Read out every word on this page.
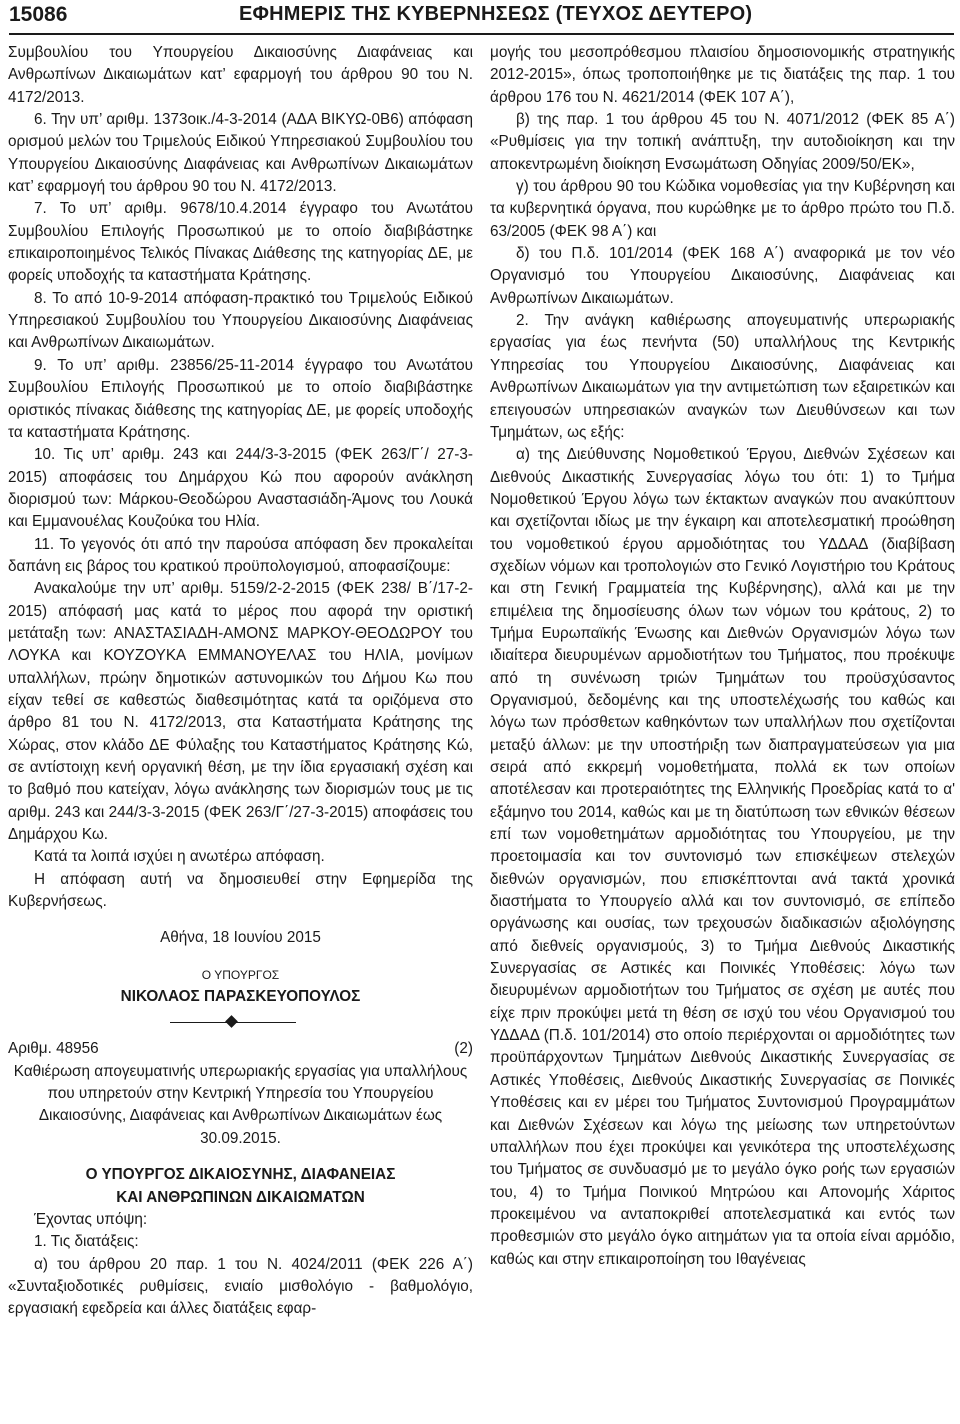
15086	ΕΦΗΜΕΡΙΣ ΤΗΣ ΚΥΒΕΡΝΗΣΕΩΣ (ΤΕΥΧΟΣ ΔΕΥΤΕΡΟ)

Συμβουλίου του Υπουργείου Δικαιοσύνης Διαφάνειας και Ανθρωπίνων Δικαιωμάτων κατ’ εφαρμογή του άρθρου 90 του Ν. 4172/2013.

6. Την υπ’ αριθμ. 1373οικ./4-3-2014 (ΑΔΑ ΒΙΚΥΩ-0Β6) απόφαση ορισμού μελών του Τριμελούς Ειδικού Υπηρεσιακού Συμβουλίου του Υπουργείου Δικαιοσύνης Διαφάνειας και Ανθρωπίνων Δικαιωμάτων κατ’ εφαρμογή του άρθρου 90 του Ν. 4172/2013.

7. Το υπ’ αριθμ. 9678/10.4.2014 έγγραφο του Ανωτάτου Συμβουλίου Επιλογής Προσωπικού με το οποίο διαβιβάστηκε επικαιροποιημένος Τελικός Πίνακας Διάθεσης της κατηγορίας ΔΕ, με φορείς υποδοχής τα καταστήματα Κράτησης.

8. Το από 10-9-2014 απόφαση-πρακτικό του Τριμελούς Ειδικού Υπηρεσιακού Συμβουλίου του Υπουργείου Δικαιοσύνης Διαφάνειας και Ανθρωπίνων Δικαιωμάτων.

9. Το υπ’ αριθμ. 23856/25-11-2014 έγγραφο του Ανωτάτου Συμβουλίου Επιλογής Προσωπικού με το οποίο διαβιβάστηκε οριστικός πίνακας διάθεσης της κατηγορίας ΔΕ, με φορείς υποδοχής τα καταστήματα Κράτησης.

10. Τις υπ’ αριθμ. 243 και 244/3-3-2015 (ΦΕΚ 263/Γ΄/ 27-3-2015) αποφάσεις του Δημάρχου Κώ που αφορούν ανάκληση διορισμού των: Μάρκου-Θεοδώρου Αναστασιάδη-Άμονς του Λουκά και Εμμανουέλας Κουζούκα του Ηλία.

11. Το γεγονός ότι από την παρούσα απόφαση δεν προκαλείται δαπάνη εις βάρος του κρατικού προϋπολογισμού, αποφασίζουμε:

Ανακαλούμε την υπ’ αριθμ. 5159/2-2-2015 (ΦΕΚ 238/ Β΄/17-2-2015) απόφασή μας κατά το μέρος που αφορά την οριστική μετάταξη των: ΑΝΑΣΤΑΣΙΑΔΗ-ΑΜΟΝΣ ΜΑΡΚΟΥ-ΘΕΟΔΩΡΟΥ του ΛΟΥΚΑ και ΚΟΥΖΟΥΚΑ ΕΜΜΑΝΟΥΕΛΑΣ του ΗΛΙΑ, μονίμων υπαλλήλων, πρώην δημοτικών αστυνομικών του Δήμου Κω που είχαν τεθεί σε καθεστώς διαθεσιμότητας κατά τα οριζόμενα στο άρθρο 81 του Ν. 4172/2013, στα Καταστήματα Κράτησης της Χώρας, στον κλάδο ΔΕ Φύλαξης του Καταστήματος Κράτησης Κώ, σε αντίστοιχη κενή οργανική θέση, με την ίδια εργασιακή σχέση και το βαθμό που κατείχαν, λόγω ανάκλησης των διορισμών τους με τις αριθμ. 243 και 244/3-3-2015 (ΦΕΚ 263/Γ΄/27-3-2015) αποφάσεις του Δημάρχου Κω.

Κατά τα λοιπά ισχύει η ανωτέρω απόφαση.

Η απόφαση αυτή να δημοσιευθεί στην Εφημερίδα της Κυβερνήσεως.

Αθήνα, 18 Ιουνίου 2015

Ο ΥΠΟΥΡΓΟΣ

ΝΙΚΟΛΑΟΣ ΠΑΡΑΣΚΕΥΟΠΟΥΛΟΣ

Αριθμ. 48956	(2)

Καθιέρωση απογευματινής υπερωριακής εργασίας για υπαλλήλους που υπηρετούν στην Κεντρική Υπηρεσία του Υπουργείου Δικαιοσύνης, Διαφάνειας και Ανθρωπίνων Δικαιωμάτων έως 30.09.2015.

Ο ΥΠΟΥΡΓΟΣ ΔΙΚΑΙΟΣΥΝΗΣ, ΔΙΑΦΑΝΕΙΑΣ

ΚΑΙ ΑΝΘΡΩΠΙΝΩΝ ΔΙΚΑΙΩΜΑΤΩΝ

Έχοντας υπόψη:

1. Τις διατάξεις:

α) του άρθρου 20 παρ. 1 του Ν. 4024/2011 (ΦΕΚ 226 Α΄) «Συνταξιοδοτικές ρυθμίσεις, ενιαίο μισθολόγιο - βαθμολόγιο, εργασιακή εφεδρεία και άλλες διατάξεις εφαρ-

μογής του μεσοπρόθεσμου πλαισίου δημοσιονομικής στρατηγικής 2012-2015», όπως τροποποιήθηκε με τις διατάξεις της παρ. 1 του άρθρου 176 του Ν. 4621/2014 (ΦΕΚ 107 Α΄),

β) της παρ. 1 του άρθρου 45 του Ν. 4071/2012 (ΦΕΚ 85 Α΄) «Ρυθμίσεις για την τοπική ανάπτυξη, την αυτοδιοίκηση και την αποκεντρωμένη διοίκηση Ενσωμάτωση Οδηγίας 2009/50/ΕΚ»,

γ) του άρθρου 90 του Κώδικα νομοθεσίας για την Κυβέρνηση και τα κυβερνητικά όργανα, που κυρώθηκε με το άρθρο πρώτο του Π.δ. 63/2005 (ΦΕΚ 98 Α΄) και

δ) του Π.δ. 101/2014 (ΦΕΚ 168 Α΄) αναφορικά με τον νέο Οργανισμό του Υπουργείου Δικαιοσύνης, Διαφάνειας και Ανθρωπίνων Δικαιωμάτων.

2. Την ανάγκη καθιέρωσης απογευματινής υπερωριακής εργασίας για έως πενήντα (50) υπαλλήλους της Κεντρικής Υπηρεσίας του Υπουργείου Δικαιοσύνης, Διαφάνειας και Ανθρωπίνων Δικαιωμάτων για την αντιμετώπιση των εξαιρετικών και επειγουσών υπηρεσιακών αναγκών των Διευθύνσεων και των Τμημάτων, ως εξής:

α) της Διεύθυνσης Νομοθετικού Έργου, Διεθνών Σχέσεων και Διεθνούς Δικαστικής Συνεργασίας λόγω του ότι: 1) το Τμήμα Νομοθετικού Έργου λόγω των έκτακτων αναγκών που ανακύπτουν και σχετίζονται ιδίως με την έγκαιρη και αποτελεσματική προώθηση του νομοθετικού έργου αρμοδιότητας του ΥΔΔΑΔ (διαβίβαση σχεδίων νόμων και τροπολογιών στο Γενικό Λογιστήριο του Κράτους και στη Γενική Γραμματεία της Κυβέρνησης), αλλά και με την επιμέλεια της δημοσίευσης όλων των νόμων του κράτους, 2) το Τμήμα Ευρωπαϊκής Ένωσης και Διεθνών Οργανισμών λόγω των ιδιαίτερα διευρυμένων αρμοδιοτήτων του Τμήματος, που προέκυψε από τη συνένωση τριών Τμημάτων του προϋσχύσαντος Οργανισμού, δεδομένης και της υποστελέχωσής του καθώς και λόγω των πρόσθετων καθηκόντων των υπαλλήλων που σχετίζονται μεταξύ άλλων: με την υποστήριξη των διαπραγματεύσεων για μια σειρά από εκκρεμή νομοθετήματα, πολλά εκ των οποίων αποτέλεσαν και προτεραιότητες της Ελληνικής Προεδρίας κατά το α' εξάμηνο του 2014, καθώς και με τη διατύπωση των εθνικών θέσεων επί των νομοθετημάτων αρμοδιότητας του Υπουργείου, με την προετοιμασία και τον συντονισμό των επισκέψεων στελεχών διεθνών οργανισμών, που επισκέπτονται ανά τακτά χρονικά διαστήματα το Υπουργείο αλλά και τον συντονισμό, σε επίπεδο οργάνωσης και ουσίας, των τρεχουσών διαδικασιών αξιολόγησης από διεθνείς οργανισμούς, 3) το Τμήμα Διεθνούς Δικαστικής Συνεργασίας σε Αστικές και Ποινικές Υποθέσεις: λόγω των διευρυμένων αρμοδιοτήτων του Τμήματος σε σχέση με αυτές που είχε πριν προκύψει μετά τη θέση σε ισχύ του νέου Οργανισμού του ΥΔΔΑΔ (Π.δ. 101/2014) στο οποίο περιέρχονται οι αρμοδιότητες των προϋπάρχοντων Τμημάτων Διεθνούς Δικαστικής Συνεργασίας σε Αστικές Υποθέσεις, Διεθνούς Δικαστικής Συνεργασίας σε Ποινικές Υποθέσεις και εν μέρει του Τμήματος Συντονισμού Προγραμμάτων και Διεθνών Σχέσεων και λόγω της μείωσης των υπηρετούντων υπαλλήλων που έχει προκύψει και γενικότερα της υποστελέχωσης του Τμήματος σε συνδυασμό με το μεγάλο όγκο ροής των εργασιών του, 4) το Τμήμα Ποινικού Μητρώου και Απονομής Χάριτος προκειμένου να ανταποκριθεί αποτελεσματικά και εντός των προθεσμιών στο μεγάλο όγκο αιτημάτων για τα οποία είναι αρμόδιο, καθώς και στην επικαιροποίηση του Ιθαγένειας
